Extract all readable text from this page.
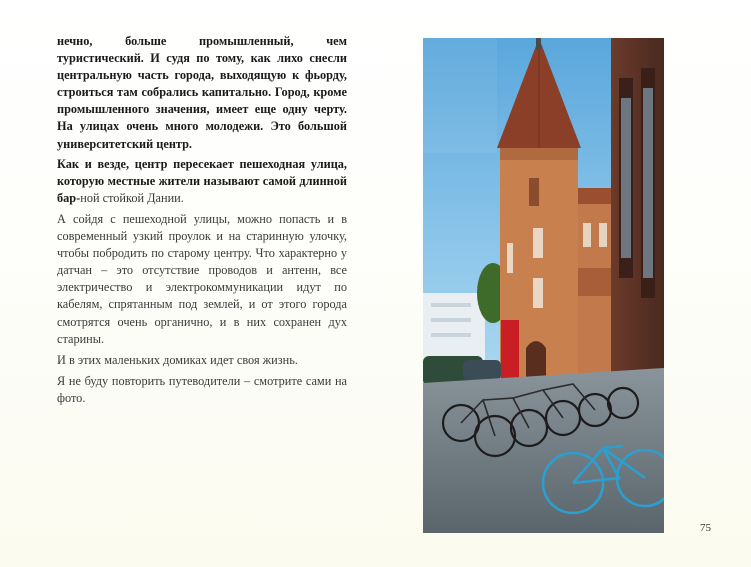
нечно, больше промышленный, чем туристический. И судя по тому, как лихо снесли центральную часть города, выходящую к фьорду, строиться там собрались капитально. Город, кроме промышленного значения, имеет еще одну черту. На улицах очень много молодежи. Это большой университетский центр.

Как и везде, центр пересекает пешеходная улица, которую местные жители называют самой длинной бар-ной стойкой Дании.

А сойдя с пешеходной улицы, можно попасть и в современный узкий проулок и на старинную улочку, чтобы побродить по старому центру. Что характерно у датчан – это отсутствие проводов и антенн, все электричество и электрокоммуникации идут по кабелям, спрятанным под землей, и от этого города смотрятся очень органично, и в них сохранен дух старины.

И в этих маленьких домиках идет своя жизнь.

Я не буду повторить путеводители – смотрите сами на фото.

75
